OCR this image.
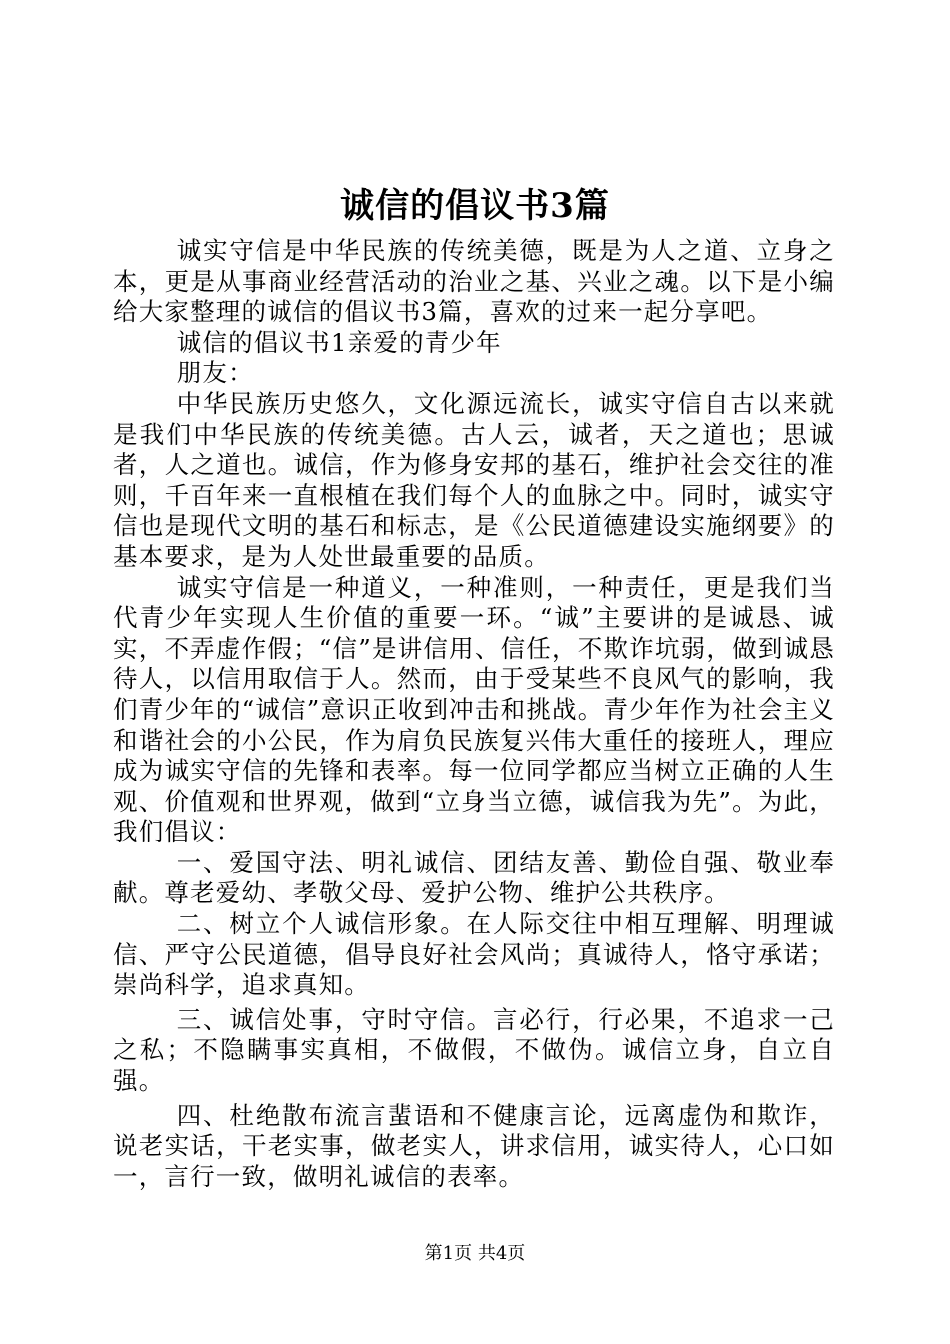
诚信的倡议书3篇

诚实守信是中华民族的传统美德，既是为人之道、立身之本，更是从事商业经营活动的治业之基、兴业之魂。以下是小编给大家整理的诚信的倡议书3篇，喜欢的过来一起分享吧。

诚信的倡议书1亲爱的青少年

朋友：

中华民族历史悠久，文化源远流长，诚实守信自古以来就是我们中华民族的传统美德。古人云，诚者，天之道也；思诚者，人之道也。诚信，作为修身安邦的基石，维护社会交往的准则，千百年来一直根植在我们每个人的血脉之中。同时，诚实守信也是现代文明的基石和标志，是《公民道德建设实施纲要》的基本要求，是为人处世最重要的品质。

诚实守信是一种道义，一种准则，一种责任，更是我们当代青少年实现人生价值的重要一环。“诚”主要讲的是诚恳、诚实，不弄虚作假；“信”是讲信用、信任，不欺诈坑弱，做到诚恳待人，以信用取信于人。然而，由于受某些不良风气的影响，我们青少年的“诚信”意识正收到冲击和挑战。青少年作为社会主义和谐社会的小公民，作为肩负民族复兴伟大重任的接班人，理应成为诚实守信的先锋和表率。每一位同学都应当树立正确的人生观、价值观和世界观，做到“立身当立德，诚信我为先”。为此，我们倡议：

一、爱国守法、明礼诚信、团结友善、勤俭自强、敬业奉献。尊老爱幼、孝敬父母、爱护公物、维护公共秩序。

二、树立个人诚信形象。在人际交往中相互理解、明理诚信、严守公民道德，倡导良好社会风尚；真诚待人，恪守承诺；崇尚科学，追求真知。

三、诚信处事，守时守信。言必行，行必果，不追求一己之私；不隐瞒事实真相，不做假，不做伪。诚信立身，自立自强。

四、杜绝散布流言蜚语和不健康言论，远离虚伪和欺诈，说老实话，干老实事，做老实人，讲求信用，诚实待人，心口如一，言行一致，做明礼诚信的表率。

第1页 共4页
